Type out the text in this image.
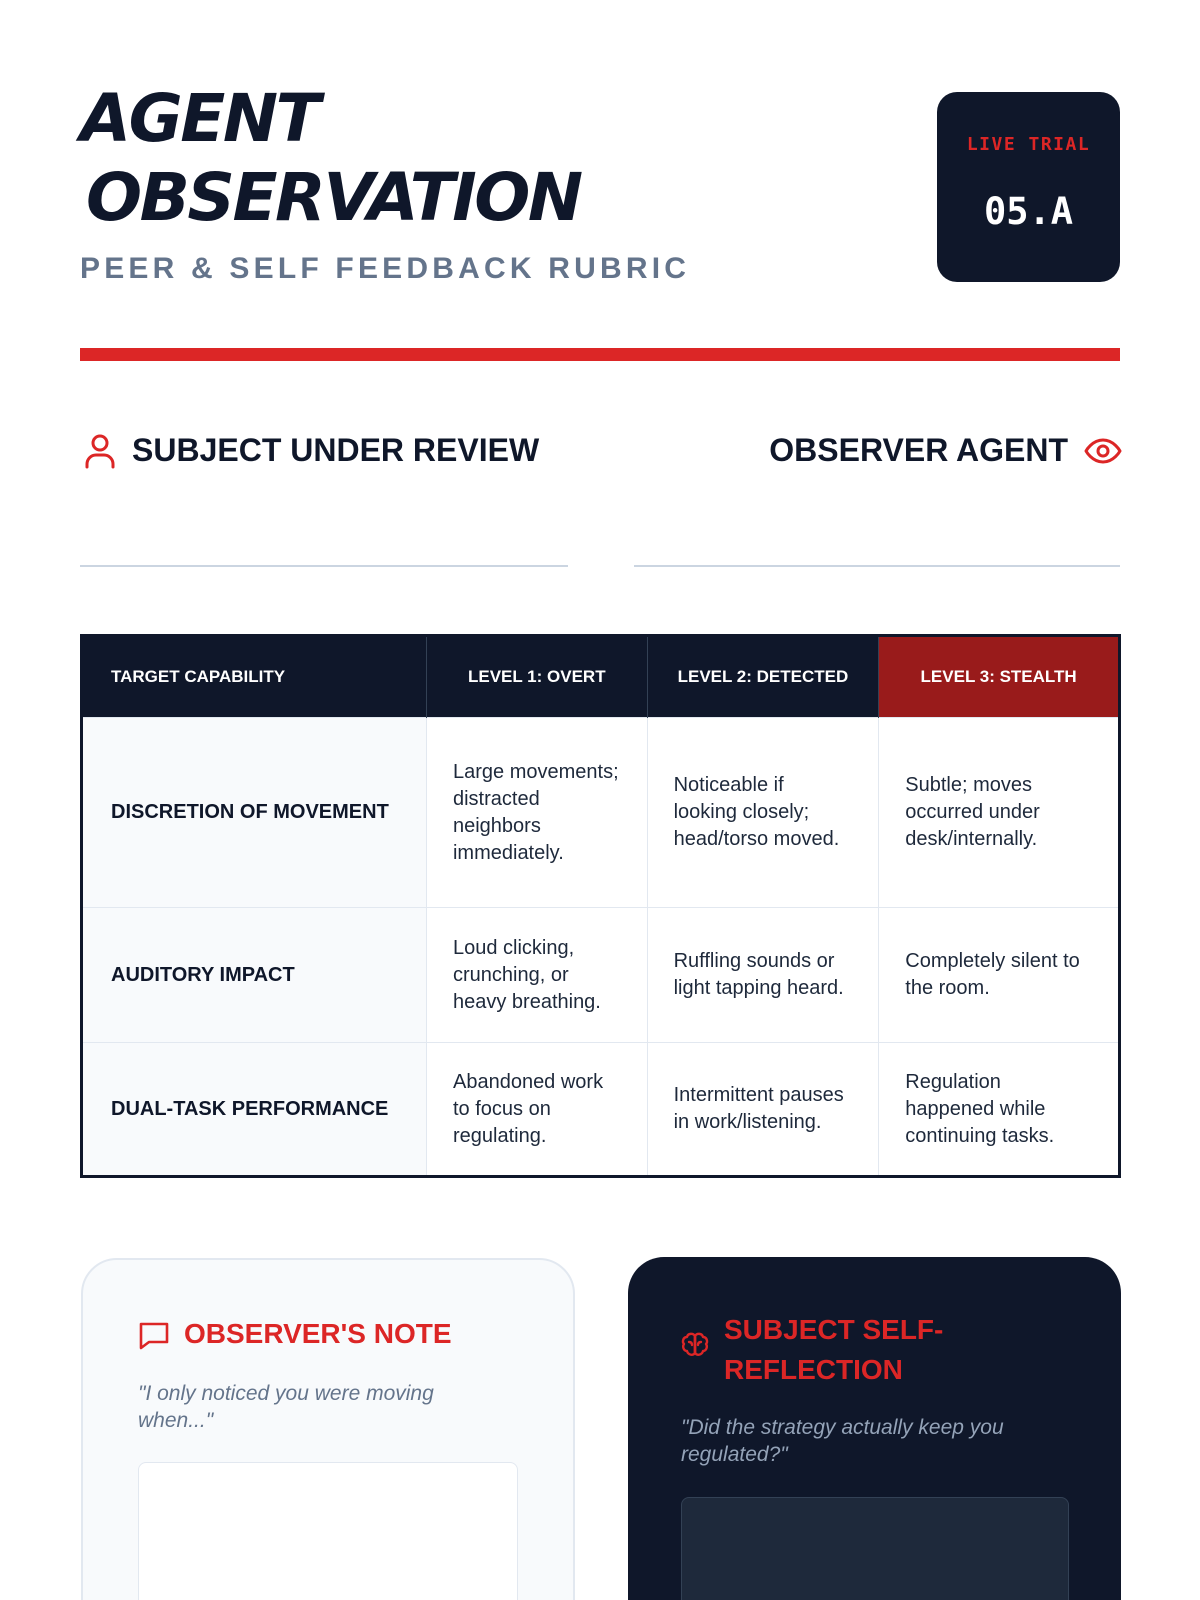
AGENT
OBSERVATION
PEER & SELF FEEDBACK RUBRIC
LIVE TRIAL
05.A
SUBJECT UNDER REVIEW	OBSERVER AGENT
TARGET CAPABILITY	LEVEL 1: OVERT	LEVEL 2: DETECTED	LEVEL 3: STEALTH
DISCRETION OF MOVEMENT	Large movements; distracted neighbors immediately.	Noticeable if looking closely; head/torso moved.	Subtle; moves occurred under desk/internally.
AUDITORY IMPACT	Loud clicking, crunching, or heavy breathing.	Ruffling sounds or light tapping heard.	Completely silent to the room.
DUAL-TASK PERFORMANCE	Abandoned work to focus on regulating.	Intermittent pauses in work/listening.	Regulation happened while continuing tasks.
OBSERVER'S NOTE
"I only noticed you were moving when..."
SUBJECT SELF-REFLECTION
"Did the strategy actually keep you regulated?"
